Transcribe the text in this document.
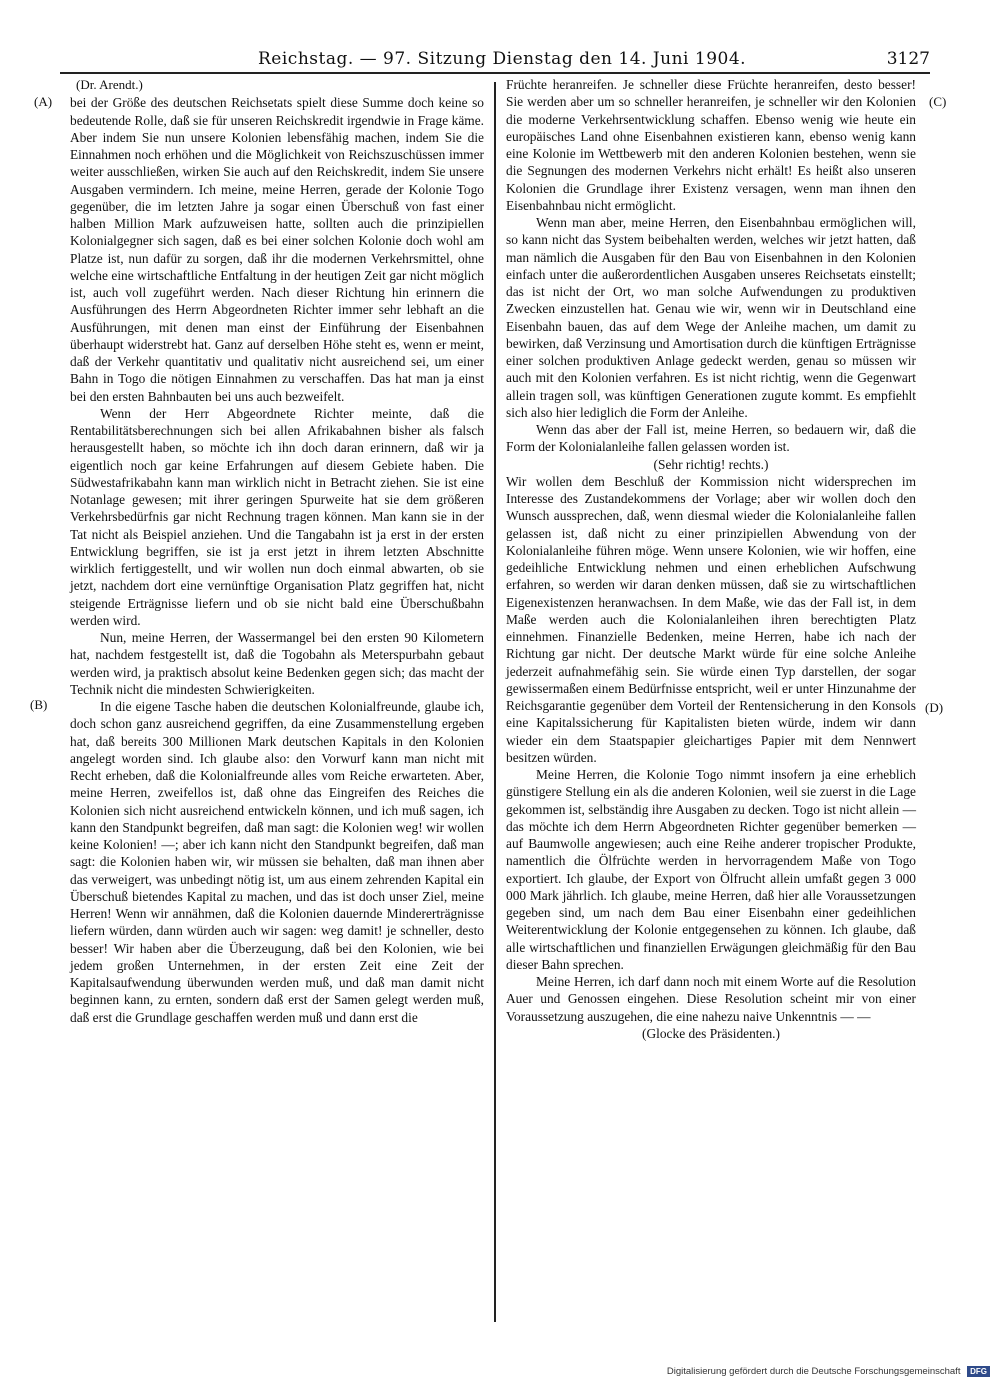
Reichstag. — 97. Sitzung Dienstag den 14. Juni 1904.	3127
(A)
(B)
(C)
(D)
(Dr. Arendt.)

bei der Größe des deutschen Reichsetats spielt diese Summe doch keine so bedeutende Rolle, daß sie für unseren Reichskredit irgendwie in Frage käme. Aber indem Sie nun unsere Kolonien lebensfähig machen, indem Sie die Einnahmen noch erhöhen und die Möglichkeit von Reichszuschüssen immer weiter ausschließen, wirken Sie auch auf den Reichskredit, indem Sie unsere Ausgaben vermindern. Ich meine, meine Herren, gerade der Kolonie Togo gegenüber, die im letzten Jahre ja sogar einen Überschuß von fast einer halben Million Mark aufzuweisen hatte, sollten auch die prinzipiellen Kolonialgegner sich sagen, daß es bei einer solchen Kolonie doch wohl am Platze ist, nun dafür zu sorgen, daß ihr die modernen Verkehrsmittel, ohne welche eine wirtschaftliche Entfaltung in der heutigen Zeit gar nicht möglich ist, auch voll zugeführt werden. Nach dieser Richtung hin erinnern die Ausführungen des Herrn Abgeordneten Richter immer sehr lebhaft an die Ausführungen, mit denen man einst der Einführung der Eisenbahnen überhaupt widerstrebt hat. Ganz auf derselben Höhe steht es, wenn er meint, daß der Verkehr quantitativ und qualitativ nicht ausreichend sei, um einer Bahn in Togo die nötigen Einnahmen zu verschaffen. Das hat man ja einst bei den ersten Bahnbauten bei uns auch bezweifelt.

Wenn der Herr Abgeordnete Richter meinte, daß die Rentabilitätsberechnungen sich bei allen Afrikabahnen bisher als falsch herausgestellt haben, so möchte ich ihn doch daran erinnern, daß wir ja eigentlich noch gar keine Erfahrungen auf diesem Gebiete haben. Die Südwestafrikabahn kann man wirklich nicht in Betracht ziehen. Sie ist eine Notanlage gewesen; mit ihrer geringen Spurweite hat sie dem größeren Verkehrsbedürfnis gar nicht Rechnung tragen können. Man kann sie in der Tat nicht als Beispiel anziehen. Und die Tangabahn ist ja erst in der ersten Entwicklung begriffen, sie ist ja erst jetzt in ihrem letzten Abschnitte wirklich fertiggestellt, und wir wollen nun doch einmal abwarten, ob sie jetzt, nachdem dort eine vernünftige Organisation Platz gegriffen hat, nicht steigende Erträgnisse liefern und ob sie nicht bald eine Überschußbahn werden wird.

Nun, meine Herren, der Wassermangel bei den ersten 90 Kilometern hat, nachdem festgestellt ist, daß die Togobahn als Meterspurbahn gebaut werden wird, ja praktisch absolut keine Bedenken gegen sich; das macht der Technik nicht die mindesten Schwierigkeiten.

In die eigene Tasche haben die deutschen Kolonialfreunde, glaube ich, doch schon ganz ausreichend gegriffen, da eine Zusammenstellung ergeben hat, daß bereits 300 Millionen Mark deutschen Kapitals in den Kolonien angelegt worden sind. Ich glaube also: den Vorwurf kann man nicht mit Recht erheben, daß die Kolonialfreunde alles vom Reiche erwarteten. Aber, meine Herren, zweifellos ist, daß ohne das Eingreifen des Reiches die Kolonien sich nicht ausreichend entwickeln können, und ich muß sagen, ich kann den Standpunkt begreifen, daß man sagt: die Kolonien weg! wir wollen keine Kolonien! —; aber ich kann nicht den Standpunkt begreifen, daß man sagt: die Kolonien haben wir, wir müssen sie behalten, daß man ihnen aber das verweigert, was unbedingt nötig ist, um aus einem zehrenden Kapital ein Überschuß bietendes Kapital zu machen, und das ist doch unser Ziel, meine Herren! Wenn wir annähmen, daß die Kolonien dauernde Mindererträgnisse liefern würden, dann würden auch wir sagen: weg damit! je schneller, desto besser! Wir haben aber die Überzeugung, daß bei den Kolonien, wie bei jedem großen Unternehmen, in der ersten Zeit eine Zeit der Kapitalsaufwendung überwunden werden muß, und daß man damit nicht beginnen kann, zu ernten, sondern daß erst der Samen gelegt werden muß, daß erst die Grundlage geschaffen werden muß und dann erst die

Früchte heranreifen. Je schneller diese Früchte heranreifen, desto besser! Sie werden aber um so schneller heranreifen, je schneller wir den Kolonien die moderne Verkehrsentwicklung schaffen. Ebenso wenig wie heute ein europäisches Land ohne Eisenbahnen existieren kann, ebenso wenig kann eine Kolonie im Wettbewerb mit den anderen Kolonien bestehen, wenn sie die Segnungen des modernen Verkehrs nicht erhält! Es heißt also unseren Kolonien die Grundlage ihrer Existenz versagen, wenn man ihnen den Eisenbahnbau nicht ermöglicht.

Wenn man aber, meine Herren, den Eisenbahnbau ermöglichen will, so kann nicht das System beibehalten werden, welches wir jetzt hatten, daß man nämlich die Ausgaben für den Bau von Eisenbahnen in den Kolonien einfach unter die außerordentlichen Ausgaben unseres Reichsetats einstellt; das ist nicht der Ort, wo man solche Aufwendungen zu produktiven Zwecken einzustellen hat. Genau wie wir, wenn wir in Deutschland eine Eisenbahn bauen, das auf dem Wege der Anleihe machen, um damit zu bewirken, daß Verzinsung und Amortisation durch die künftigen Erträgnisse einer solchen produktiven Anlage gedeckt werden, genau so müssen wir auch mit den Kolonien verfahren. Es ist nicht richtig, wenn die Gegenwart allein tragen soll, was künftigen Generationen zugute kommt. Es empfiehlt sich also hier lediglich die Form der Anleihe.

Wenn das aber der Fall ist, meine Herren, so bedauern wir, daß die Form der Kolonialanleihe fallen gelassen worden ist.

(Sehr richtig! rechts.)

Wir wollen dem Beschluß der Kommission nicht widersprechen im Interesse des Zustandekommens der Vorlage; aber wir wollen doch den Wunsch aussprechen, daß, wenn diesmal wieder die Kolonialanleihe fallen gelassen ist, daß nicht zu einer prinzipiellen Abwendung von der Kolonialanleihe führen möge. Wenn unsere Kolonien, wie wir hoffen, eine gedeihliche Entwicklung nehmen und einen erheblichen Aufschwung erfahren, so werden wir daran denken müssen, daß sie zu wirtschaftlichen Eigenexistenzen heranwachsen. In dem Maße, wie das der Fall ist, in dem Maße werden auch die Kolonialanleihen ihren berechtigten Platz einnehmen. Finanzielle Bedenken, meine Herren, habe ich nach der Richtung gar nicht. Der deutsche Markt würde für eine solche Anleihe jederzeit aufnahmefähig sein. Sie würde einen Typ darstellen, der sogar gewissermaßen einem Bedürfnisse entspricht, weil er unter Hinzunahme der Reichsgarantie gegenüber dem Vorteil der Rentensicherung in den Konsols eine Kapitalssicherung für Kapitalisten bieten würde, indem wir dann wieder ein dem Staatspapier gleichartiges Papier mit dem Nennwert besitzen würden.

Meine Herren, die Kolonie Togo nimmt insofern ja eine erheblich günstigere Stellung ein als die anderen Kolonien, weil sie zuerst in die Lage gekommen ist, selbständig ihre Ausgaben zu decken. Togo ist nicht allein — das möchte ich dem Herrn Abgeordneten Richter gegenüber bemerken — auf Baumwolle angewiesen; auch eine Reihe anderer tropischer Produkte, namentlich die Ölfrüchte werden in hervorragendem Maße von Togo exportiert. Ich glaube, der Export von Ölfrucht allein umfaßt gegen 3 000 000 Mark jährlich. Ich glaube, meine Herren, daß hier alle Voraussetzungen gegeben sind, um nach dem Bau einer Eisenbahn einer gedeihlichen Weiterentwicklung der Kolonie entgegensehen zu können. Ich glaube, daß alle wirtschaftlichen und finanziellen Erwägungen gleichmäßig für den Bau dieser Bahn sprechen.

Meine Herren, ich darf dann noch mit einem Worte auf die Resolution Auer und Genossen eingehen. Diese Resolution scheint mir von einer Voraussetzung auszugehen, die eine nahezu naive Unkenntnis — —

(Glocke des Präsidenten.)

Digitalisierung gefördert durch die Deutsche Forschungsgemeinschaft DFG
